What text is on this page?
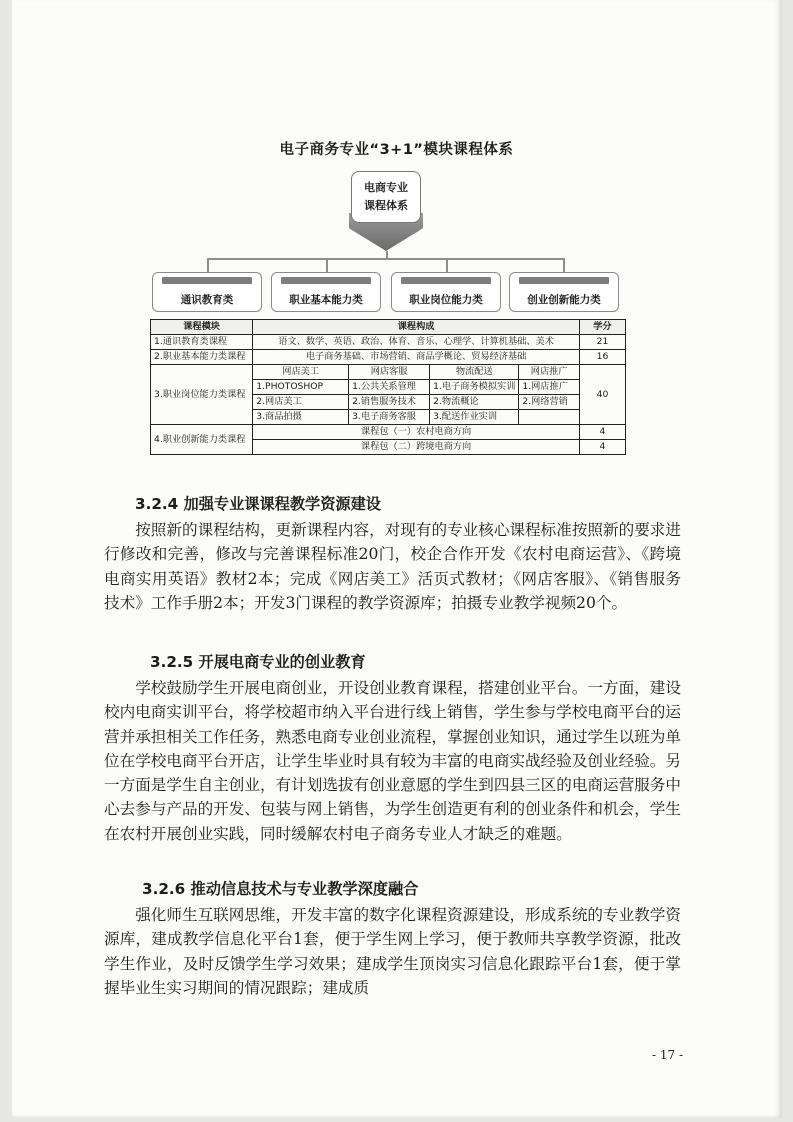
电子商务专业“3+1”模块课程体系
电商专业
课程体系
通识教育类	职业基本能力类	职业岗位能力类	创业创新能力类
课程模块	课程构成				学分
1.通识教育类课程	语文、数学、英语、政治、体育、音乐、心理学、计算机基础、美术				21
2.职业基本能力类课程	电子商务基础、市场营销、商品学概论、贸易经济基础				16
3.职业岗位能力类课程	网店美工	网店客服	物流配送	网店推广	40
	1.PHOTOSHOP	1.公共关系管理	1.电子商务模拟实训	1.网店推广	
	2.网店美工	2.销售服务技术	2.物流概论	2.网络营销	
	3.商品拍摄	3.电子商务客服	3.配送作业实训		
4.职业创新能力类课程	课程包（一）农村电商方向				4
	课程包（二）跨境电商方向				4
3.2.4 加强专业课课程教学资源建设
按照新的课程结构，更新课程内容，对现有的专业核心课程标准按照新的要求进行修改和完善，修改与完善课程标准20门，校企合作开发《农村电商运营》、《跨境电商实用英语》教材2本；完成《网店美工》活页式教材；《网店客服》、《销售服务技术》工作手册2本；开发3门课程的教学资源库；拍摄专业教学视频20个。
3.2.5 开展电商专业的创业教育
学校鼓励学生开展电商创业，开设创业教育课程，搭建创业平台。一方面，建设校内电商实训平台，将学校超市纳入平台进行线上销售，学生参与学校电商平台的运营并承担相关工作任务，熟悉电商专业创业流程，掌握创业知识，通过学生以班为单位在学校电商平台开店，让学生毕业时具有较为丰富的电商实战经验及创业经验。另一方面是学生自主创业，有计划选拔有创业意愿的学生到四县三区的电商运营服务中心去参与产品的开发、包装与网上销售，为学生创造更有利的创业条件和机会，学生在农村开展创业实践，同时缓解农村电子商务专业人才缺乏的难题。
3.2.6 推动信息技术与专业教学深度融合
强化师生互联网思维，开发丰富的数字化课程资源建设，形成系统的专业教学资源库，建成教学信息化平台1套，便于学生网上学习，便于教师共享教学资源，批改学生作业，及时反馈学生学习效果；建成学生顶岗实习信息化跟踪平台1套，便于掌握毕业生实习期间的情况跟踪；建成质
- 17 -
